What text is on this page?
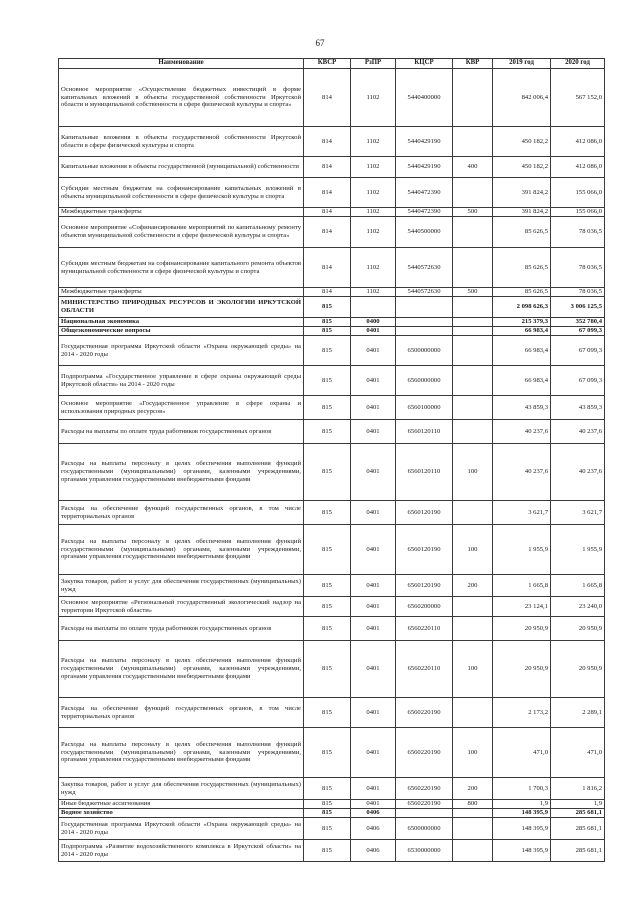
67
Наименование	КВСР	РзПР	КЦСР	КВР	2019 год	2020 год
Основное мероприятие «Осуществление бюджетных инвестиций в форме капитальных вложений в объекты государственной собственности Иркутской области и муниципальной собственности в сфере физической культуры и спорта»	814	1102	5440400000		842 006,4	567 152,0
Капитальные вложения в объекты государственной собственности Иркутской области в сфере физической культуры и спорта	814	1102	5440429190		450 182,2	412 086,0
Капитальные вложения в объекты государственной (муниципальной) собственности	814	1102	5440429190	400	450 182,2	412 086,0
Субсидии местным бюджетам на софинансирование капитальных вложений в объекты муниципальной собственности в сфере физической культуры и спорта	814	1102	5440472390		391 824,2	155 066,0
Межбюджетные трансферты	814	1102	5440472390	500	391 824,2	155 066,0
Основное мероприятие «Софинансирование мероприятий по капитальному ремонту объектов муниципальной собственности в сфере физической культуры и спорта»	814	1102	5440500000		85 626,5	78 036,5
Субсидии местным бюджетам на софинансирование капитального ремонта объектов муниципальной собственности в сфере физической культуры и спорта	814	1102	5440572630		85 626,5	78 036,5
Межбюджетные трансферты	814	1102	5440572630	500	85 626,5	78 036,5
МИНИСТЕРСТВО ПРИРОДНЫХ РЕСУРСОВ И ЭКОЛОГИИ ИРКУТСКОЙ ОБЛАСТИ	815				2 098 626,3	3 006 125,5
Национальная экономика	815	0400			215 379,3	352 780,4
Общеэкономические вопросы	815	0401			66 983,4	67 099,3
Государственная программа Иркутской области «Охрана окружающей среды» на 2014 - 2020 годы	815	0401	6500000000		66 983,4	67 099,3
Подпрограмма «Государственное управление в сфере охраны окружающей среды Иркутской области» на 2014 - 2020 годы	815	0401	6560000000		66 983,4	67 099,3
Основное мероприятие «Государственное управление в сфере охраны и использования природных ресурсов»	815	0401	6560100000		43 859,3	43 859,3
Расходы на выплаты по оплате труда работников государственных органов	815	0401	6560120110		40 237,6	40 237,6
Расходы на выплаты персоналу в целях обеспечения выполнения функций государственными (муниципальными) органами, казенными учреждениями, органами управления государственными внебюджетными фондами	815	0401	6560120110	100	40 237,6	40 237,6
Расходы на обеспечение функций государственных органов, в том числе территориальных органов	815	0401	6560120190		3 621,7	3 621,7
Расходы на выплаты персоналу в целях обеспечения выполнения функций государственными (муниципальными) органами, казенными учреждениями, органами управления государственными внебюджетными фондами	815	0401	6560120190	100	1 955,9	1 955,9
Закупка товаров, работ и услуг для обеспечения государственных (муниципальных) нужд	815	0401	6560120190	200	1 665,8	1 665,8
Основное мероприятие «Региональный государственный экологический надзор на территории Иркутской области»	815	0401	6560200000		23 124,1	23 240,0
Расходы на выплаты по оплате труда работников государственных органов	815	0401	6560220110		20 950,9	20 950,9
Расходы на выплаты персоналу в целях обеспечения выполнения функций государственными (муниципальными) органами, казенными учреждениями, органами управления государственными внебюджетными фондами	815	0401	6560220110	100	20 950,9	20 950,9
Расходы на обеспечение функций государственных органов, в том числе территориальных органов	815	0401	6560220190		2 173,2	2 289,1
Расходы на выплаты персоналу в целях обеспечения выполнения функций государственными (муниципальными) органами, казенными учреждениями, органами управления государственными внебюджетными фондами	815	0401	6560220190	100	471,0	471,0
Закупка товаров, работ и услуг для обеспечения государственных (муниципальных) нужд	815	0401	6560220190	200	1 700,3	1 816,2
Иные бюджетные ассигнования	815	0401	6560220190	800	1,9	1,9
Водное хозяйство	815	0406			148 395,9	285 681,1
Государственная программа Иркутской области «Охрана окружающей среды» на 2014 - 2020 годы	815	0406	6500000000		148 395,9	285 681,1
Подпрограмма «Развитие водохозяйственного комплекса в Иркутской области» на 2014 - 2020 годы	815	0406	6530000000		148 395,9	285 681,1
